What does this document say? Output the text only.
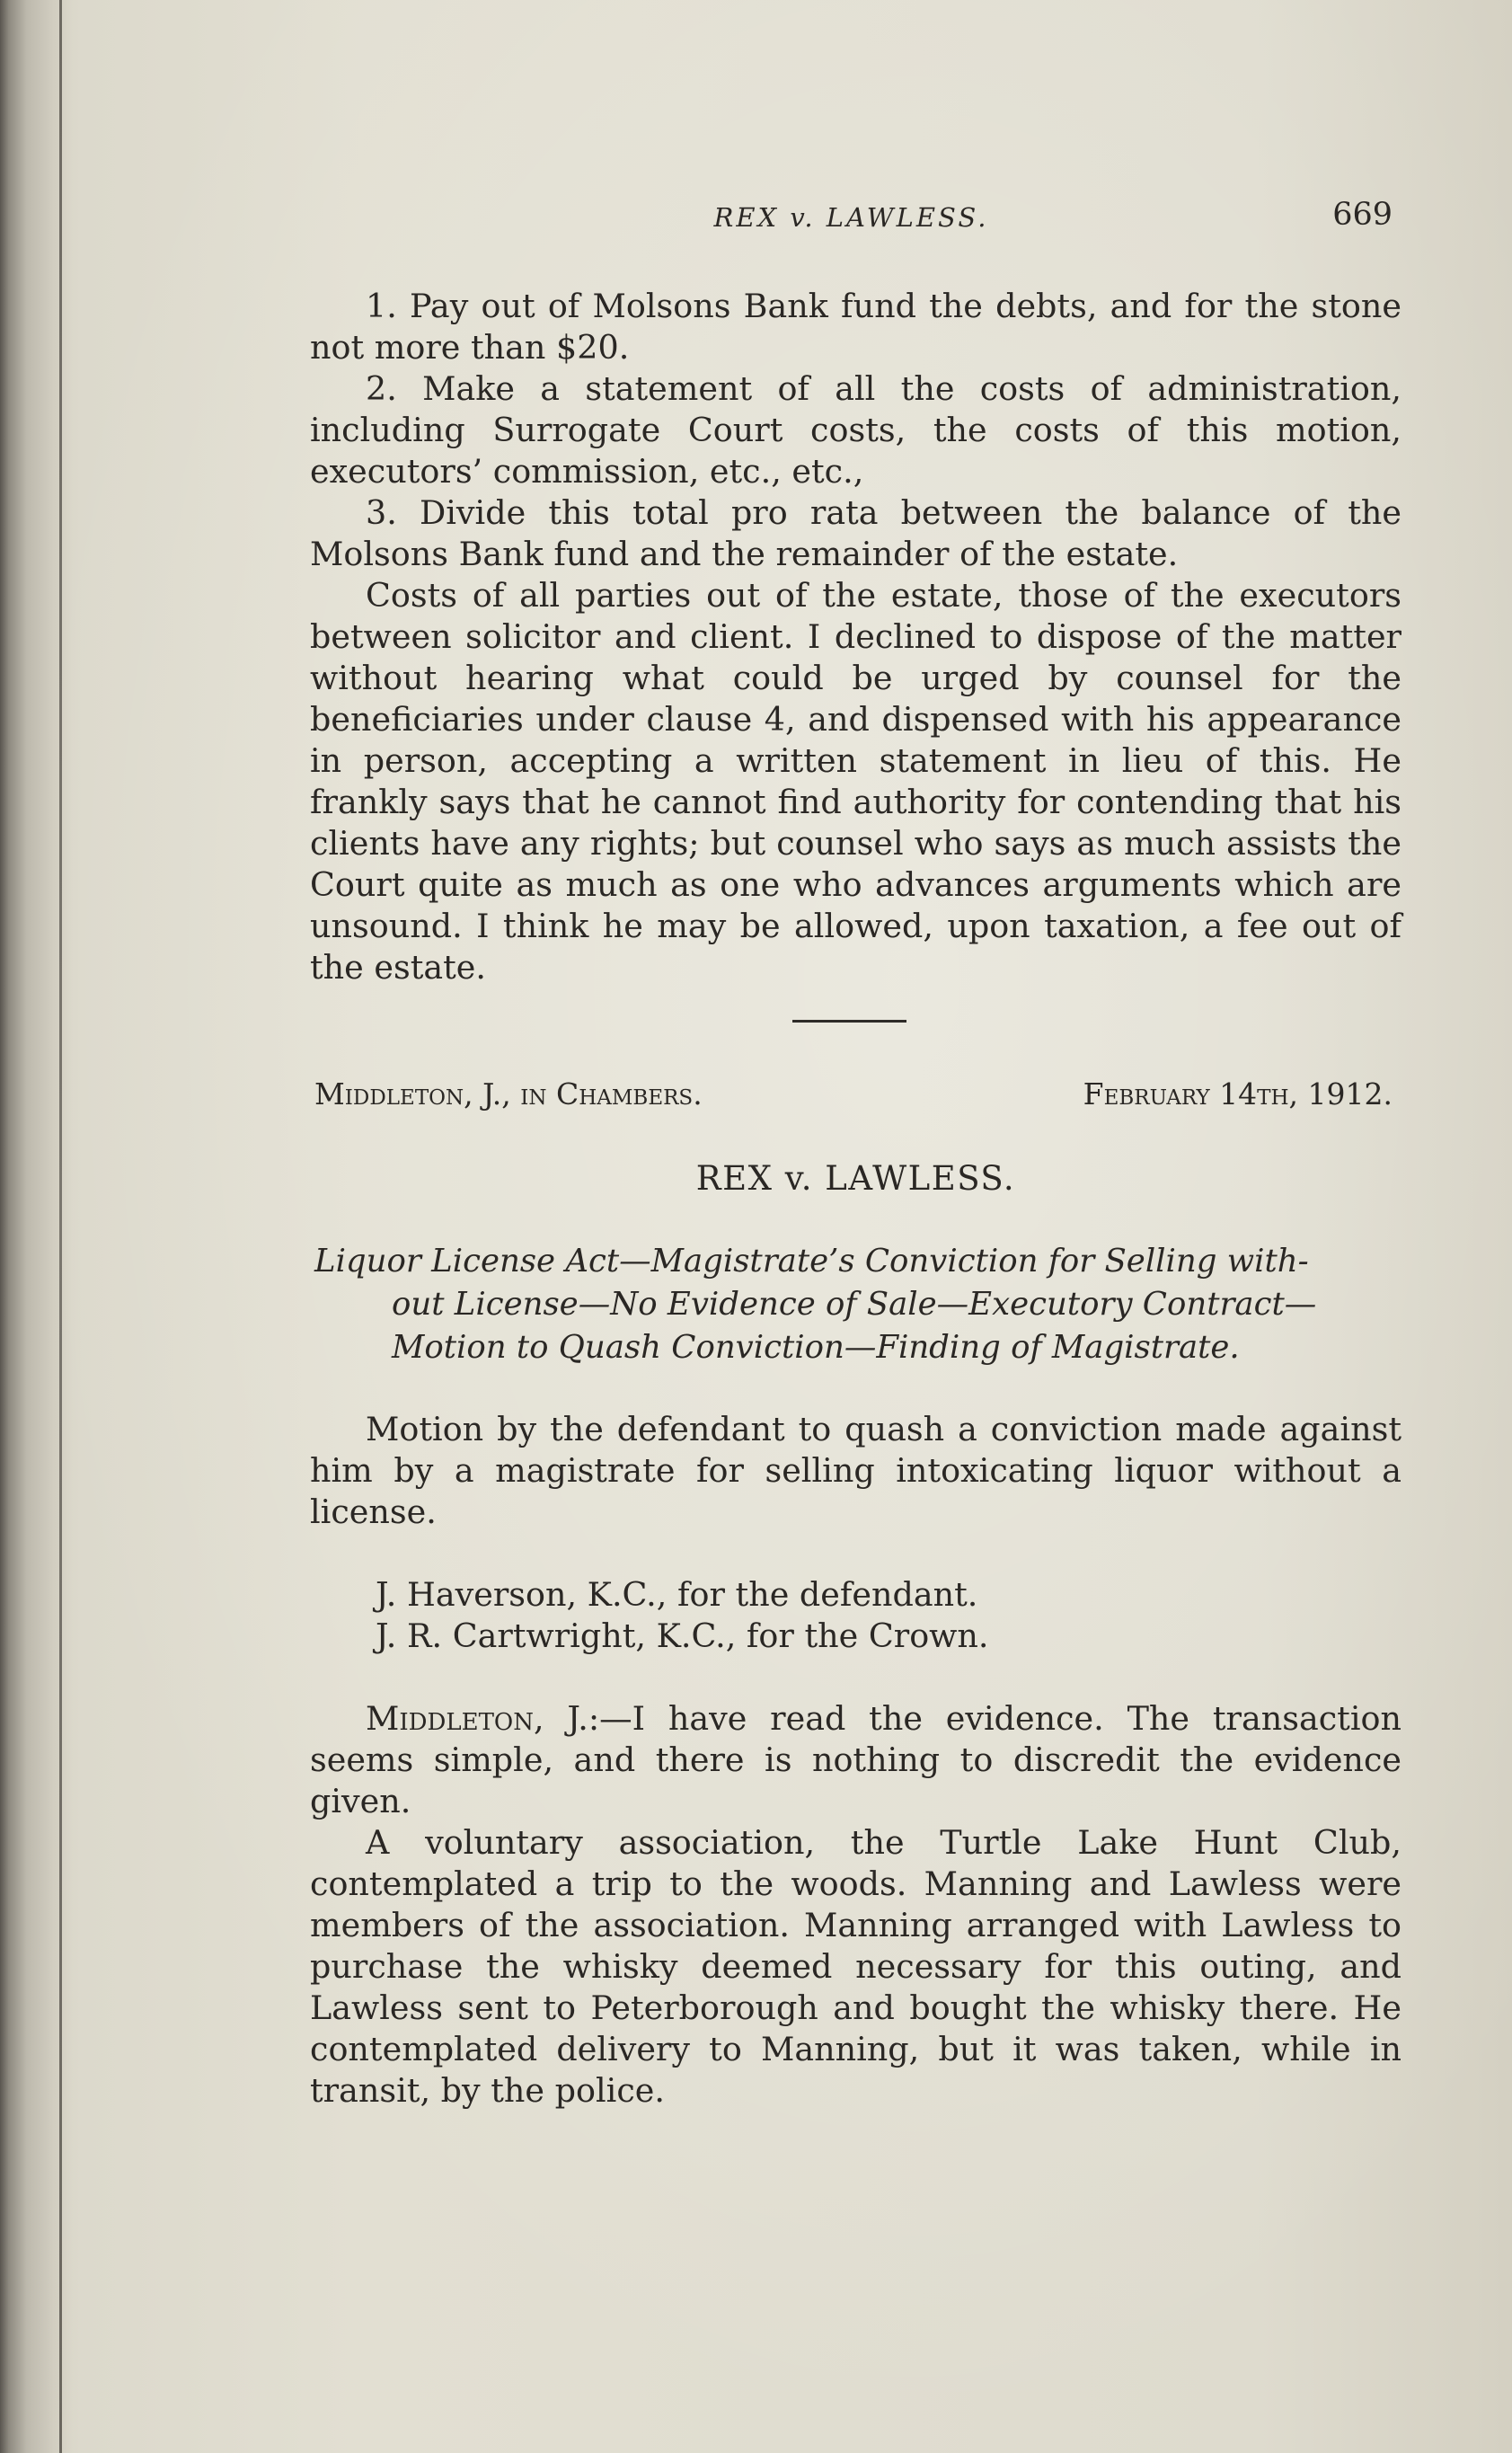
REX v. LAWLESS.	669

1. Pay out of Molsons Bank fund the debts, and for the stone not more than $20.

2. Make a statement of all the costs of administration, including Surrogate Court costs, the costs of this motion, executors’ commission, etc., etc.,

3. Divide this total pro rata between the balance of the Molsons Bank fund and the remainder of the estate.

Costs of all parties out of the estate, those of the executors between solicitor and client. I declined to dispose of the matter without hearing what could be urged by counsel for the beneficiaries under clause 4, and dispensed with his appearance in person, accepting a written statement in lieu of this. He frankly says that he cannot find authority for contending that his clients have any rights; but counsel who says as much assists the Court quite as much as one who advances arguments which are unsound. I think he may be allowed, upon taxation, a fee out of the estate.

Middleton, J., in Chambers.	February 14th, 1912.
REX v. LAWLESS.
Liquor License Act—Magistrate’s Conviction for Selling with-
out License—No Evidence of Sale—Executory Contract—
Motion to Quash Conviction—Finding of Magistrate.

Motion by the defendant to quash a conviction made against him by a magistrate for selling intoxicating liquor without a license.

J. Haverson, K.C., for the defendant.

J. R. Cartwright, K.C., for the Crown.

Middleton, J.:—I have read the evidence. The transaction seems simple, and there is nothing to discredit the evidence given.

A voluntary association, the Turtle Lake Hunt Club, contemplated a trip to the woods. Manning and Lawless were members of the association. Manning arranged with Lawless to purchase the whisky deemed necessary for this outing, and Lawless sent to Peterborough and bought the whisky there. He contemplated delivery to Manning, but it was taken, while in transit, by the police.
